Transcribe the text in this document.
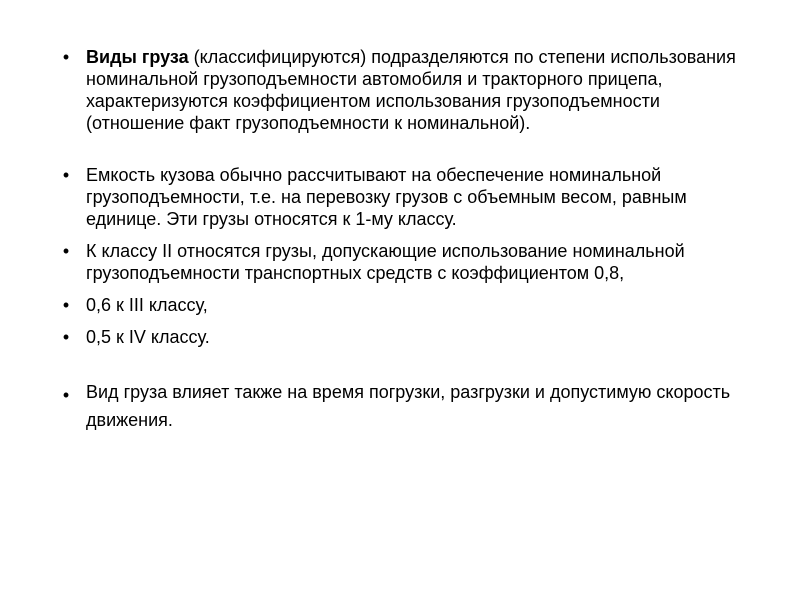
• Виды груза (классифицируются) подразделяются по степени использования номинальной грузоподъемности автомобиля и тракторного прицепа, характеризуются коэффициентом использования грузоподъемности (отношение факт грузоподъемности к номинальной).
• Емкость кузова обычно рассчитывают на обеспечение номинальной грузоподъемности, т.е. на перевозку грузов с объемным весом, равным единице. Эти грузы относятся к 1-му классу.
• К классу II относятся грузы, допускающие использование номинальной грузоподъемности транспортных средств с коэффициентом 0,8,
• 0,6 к III классу,
• 0,5 к IV классу.
• Вид груза влияет также на время погрузки, разгрузки и допустимую скорость движения.
